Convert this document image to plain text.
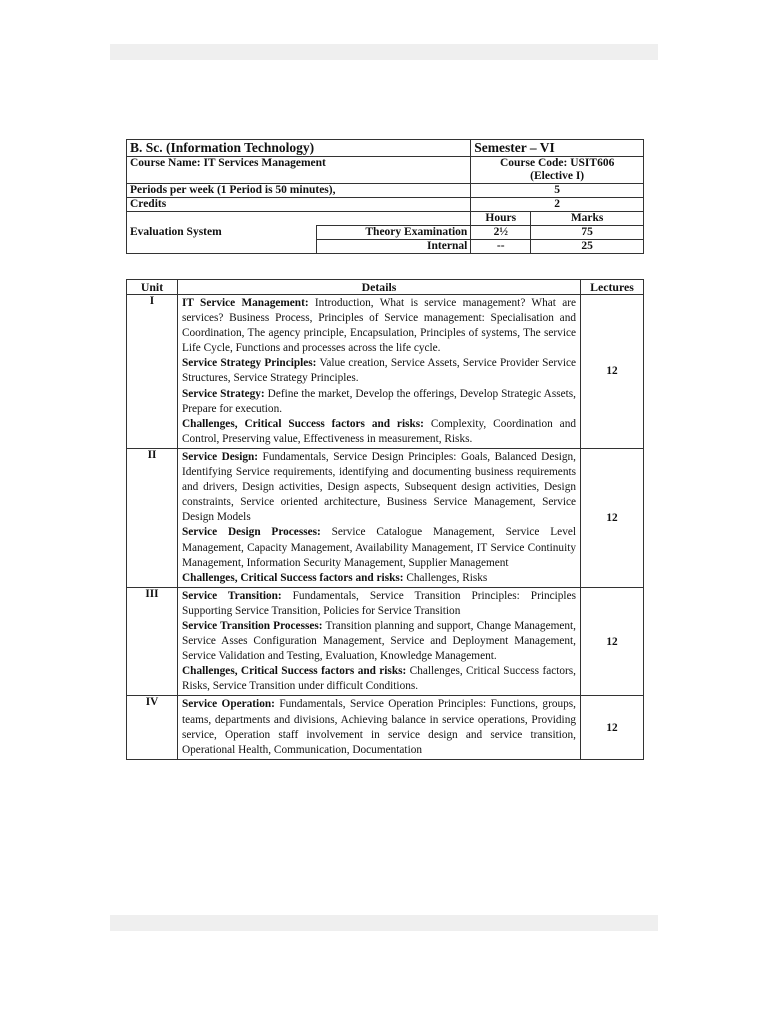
B. Sc. (Information Technology)		Semester – VI	
Course Name: IT Services Management		Course Code: USIT606
(Elective I)	

Periods per week (1 Period is 50 minutes),		5	
Credits		2	
		Hours	Marks
Evaluation System	Theory Examination	2½	75
	Internal	--	25
Unit	Details	Lectures
I	IT Service Management: Introduction, What is service management? What are services? Business Process, Principles of Service management: Specialisation and Coordination, The agency principle, Encapsulation, Principles of systems, The service Life Cycle, Functions and processes across the life cycle.

Service Strategy Principles: Value creation, Service Assets, Service Provider Service Structures, Service Strategy Principles.

Service Strategy: Define the market, Develop the offerings, Develop Strategic Assets, Prepare for execution.

Challenges, Critical Success factors and risks: Complexity, Coordination and Control, Preserving value, Effectiveness in measurement, Risks.	12
II	Service Design: Fundamentals, Service Design Principles: Goals, Balanced Design, Identifying Service requirements, identifying and documenting business requirements and drivers, Design activities, Design aspects, Subsequent design activities, Design constraints, Service oriented architecture, Business Service Management, Service Design Models

Service Design Processes: Service Catalogue Management, Service Level Management, Capacity Management, Availability Management, IT Service Continuity Management, Information Security Management, Supplier Management

Challenges, Critical Success factors and risks: Challenges, Risks	12
III	Service Transition: Fundamentals, Service Transition Principles: Principles Supporting Service Transition, Policies for Service Transition

Service Transition Processes: Transition planning and support, Change Management, Service Asses Configuration Management, Service and Deployment Management, Service Validation and Testing, Evaluation, Knowledge Management.

Challenges, Critical Success factors and risks: Challenges, Critical Success factors, Risks, Service Transition under difficult Conditions.	12
IV	Service Operation: Fundamentals, Service Operation Principles: Functions, groups, teams, departments and divisions, Achieving balance in service operations, Providing service, Operation staff involvement in service design and service transition, Operational Health, Communication, Documentation	12
